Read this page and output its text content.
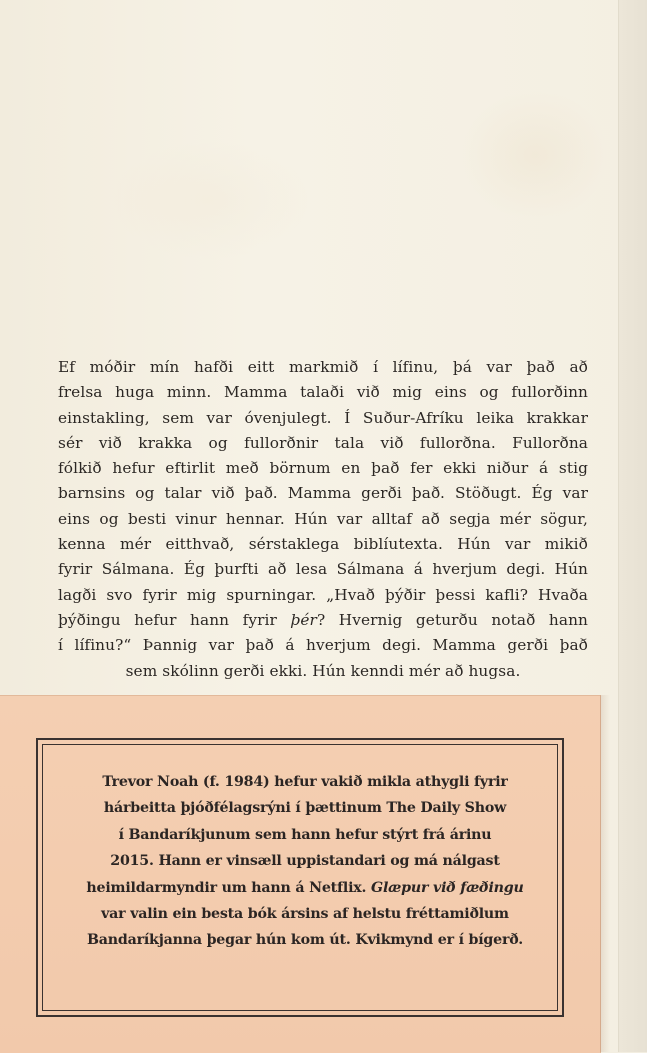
Ef móðir mín hafði eitt markmið í lífinu, þá var það að
frelsa huga minn. Mamma talaði við mig eins og fullorðinn
einstakling, sem var óvenjulegt. Í Suður-Afríku leika krakkar
sér við krakka og fullorðnir tala við fullorðna. Fullorðna
fólkið hefur eftirlit með börnum en það fer ekki niður á stig
barnsins og talar við það. Mamma gerði það. Stöðugt. Ég var
eins og besti vinur hennar. Hún var alltaf að segja mér sögur,
kenna mér eitthvað, sérstaklega biblíutexta. Hún var mikið
fyrir Sálmana. Ég þurfti að lesa Sálmana á hverjum degi. Hún
lagði svo fyrir mig spurningar. „Hvað þýðir þessi kafli? Hvaða
þýðingu hefur hann fyrir þér? Hvernig geturðu notað hann
í lífinu?“ Þannig var það á hverjum degi. Mamma gerði það
sem skólinn gerði ekki. Hún kenndi mér að hugsa.
Trevor Noah (f. 1984) hefur vakið mikla athygli fyrir
hárbeitta þjóðfélagsrýni í þættinum The Daily Show
í Bandaríkjunum sem hann hefur stýrt frá árinu
2015. Hann er vinsæll uppistandari og má nálgast
heimildarmyndir um hann á Netflix. Glæpur við fæðingu
var valin ein besta bók ársins af helstu fréttamiðlum
Bandaríkjanna þegar hún kom út. Kvikmynd er í bígerð.
